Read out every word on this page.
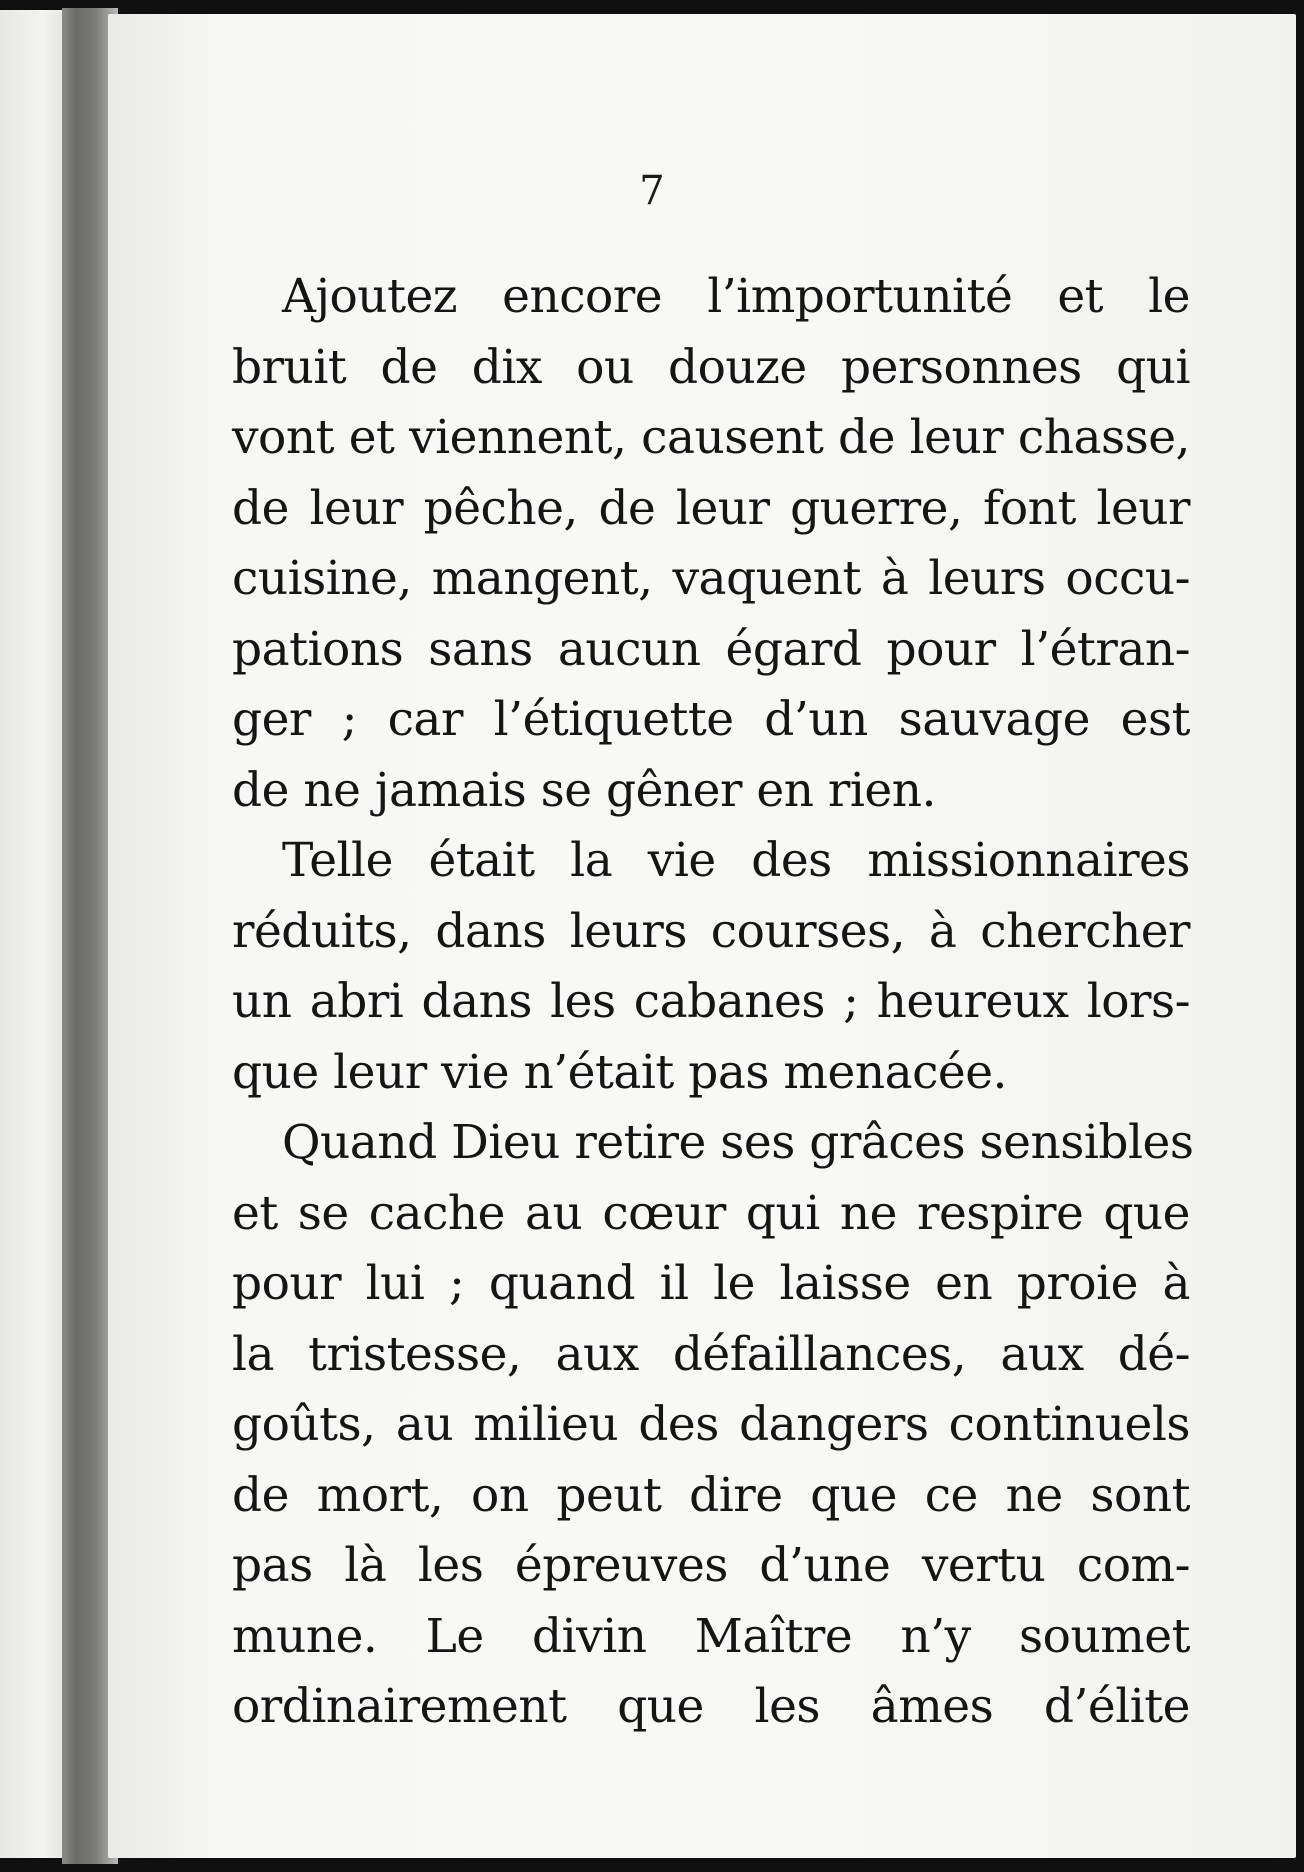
7
Ajoutez encore l’importunité et le
bruit de dix ou douze personnes qui
vont et viennent, causent de leur chasse,
de leur pêche, de leur guerre, font leur
cuisine, mangent, vaquent à leurs occu-
pations sans aucun égard pour l’étran-
ger ; car l’étiquette d’un sauvage est
de ne jamais se gêner en rien.
Telle était la vie des missionnaires
réduits, dans leurs courses, à chercher
un abri dans les cabanes ; heureux lors-
que leur vie n’était pas menacée.
Quand Dieu retire ses grâces sensibles
et se cache au cœur qui ne respire que
pour lui ; quand il le laisse en proie à
la tristesse, aux défaillances, aux dé-
goûts, au milieu des dangers continuels
de mort, on peut dire que ce ne sont
pas là les épreuves d’une vertu com-
mune. Le divin Maître n’y soumet
ordinairement que les âmes d’élite
